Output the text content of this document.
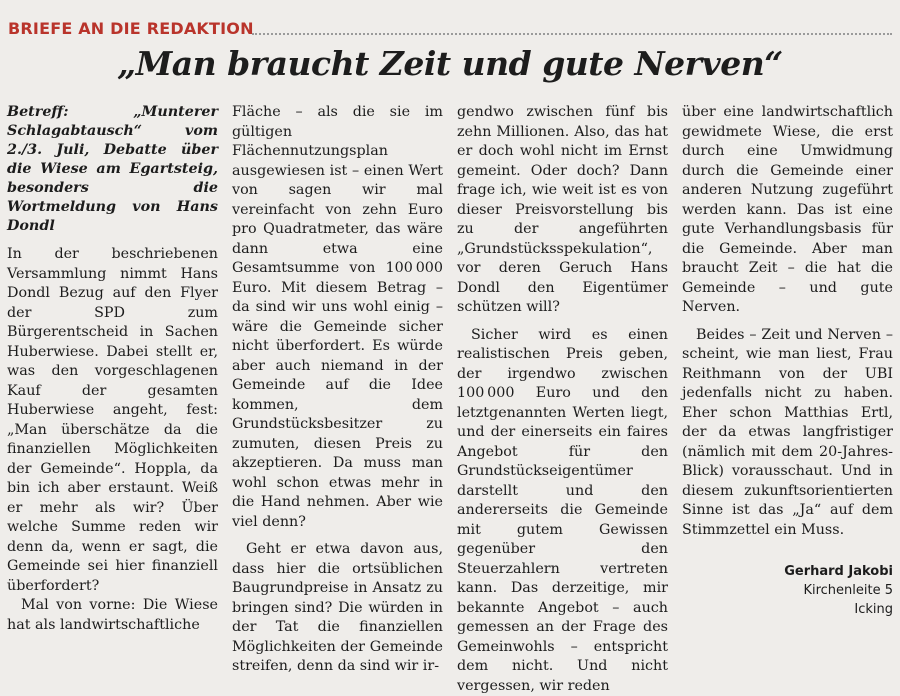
BRIEFE AN DIE REDAKTION
„Man braucht Zeit und gute Nerven“

Betreff: „Munterer Schlagabtausch“ vom 2./3. Juli, Debatte über die Wiese am Egartsteig, besonders die Wortmeldung von Hans Dondl

In der beschriebenen Versammlung nimmt Hans Dondl Bezug auf den Flyer der SPD zum Bürgerentscheid in Sachen Huberwiese. Dabei stellt er, was den vorgeschlagenen Kauf der gesamten Huberwiese angeht, fest: „Man überschätze da die finanziellen Möglichkeiten der Gemeinde“. Hoppla, da bin ich aber erstaunt. Weiß er mehr als wir? Über welche Summe reden wir denn da, wenn er sagt, die Gemeinde sei hier finanziell überfordert?

Mal von vorne: Die Wiese hat als landwirtschaftliche

Fläche – als die sie im gültigen Flächennutzungsplan ausgewiesen ist – einen Wert von sagen wir mal vereinfacht von zehn Euro pro Quadratmeter, das wäre dann etwa eine Gesamtsumme von 100 000 Euro. Mit diesem Betrag – da sind wir uns wohl einig – wäre die Gemeinde sicher nicht überfordert. Es würde aber auch niemand in der Gemeinde auf die Idee kommen, dem Grundstücksbesitzer zu zumuten, diesen Preis zu akzeptieren. Da muss man wohl schon etwas mehr in die Hand nehmen. Aber wie viel denn?

Geht er etwa davon aus, dass hier die ortsüblichen Baugrundpreise in Ansatz zu bringen sind? Die würden in der Tat die finanziellen Möglichkeiten der Gemeinde streifen, denn da sind wir ir-

gendwo zwischen fünf bis zehn Millionen. Also, das hat er doch wohl nicht im Ernst gemeint. Oder doch? Dann frage ich, wie weit ist es von dieser Preisvorstellung bis zu der angeführten „Grundstücksspekulation“, vor deren Geruch Hans Dondl den Eigentümer schützen will?

Sicher wird es einen realistischen Preis geben, der irgendwo zwischen 100 000 Euro und den letztgenannten Werten liegt, und der einerseits ein faires Angebot für den Grundstückseigentümer darstellt und den andererseits die Gemeinde mit gutem Gewissen gegenüber den Steuerzahlern vertreten kann. Das derzeitige, mir bekannte Angebot – auch gemessen an der Frage des Gemeinwohls – entspricht dem nicht. Und nicht vergessen, wir reden

über eine landwirtschaftlich gewidmete Wiese, die erst durch eine Umwidmung durch die Gemeinde einer anderen Nutzung zugeführt werden kann. Das ist eine gute Verhandlungsbasis für die Gemeinde. Aber man braucht Zeit – die hat die Gemeinde – und gute Nerven.

Beides – Zeit und Nerven – scheint, wie man liest, Frau Reithmann von der UBI jedenfalls nicht zu haben. Eher schon Matthias Ertl, der da etwas langfristiger (nämlich mit dem 20-Jahres-Blick) vorausschaut. Und in diesem zukunftsorientierten Sinne ist das „Ja“ auf dem Stimmzettel ein Muss.

Gerhard Jakobi
Kirchenleite 5
Icking
